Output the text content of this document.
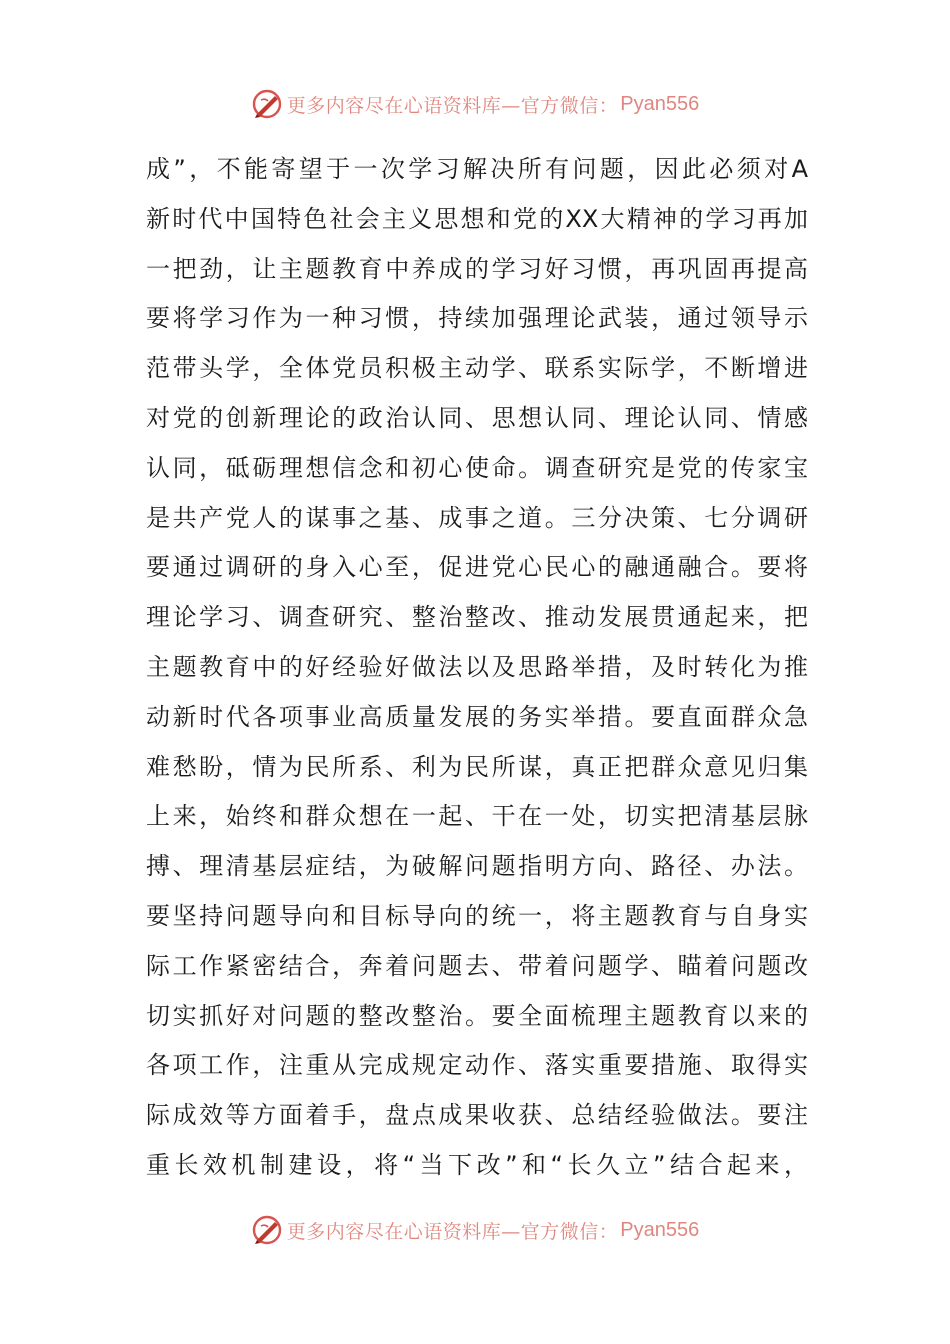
更多内容尽在心语资料库—官方微信： Pyan556
成”，不能寄望于一次学习解决所有问题，因此必须对A
新时代中国特色社会主义思想和党的XX大精神的学习再加
一把劲，让主题教育中养成的学习好习惯，再巩固再提高
要将学习作为一种习惯，持续加强理论武装，通过领导示
范带头学，全体党员积极主动学、联系实际学，不断增进
对党的创新理论的政治认同、思想认同、理论认同、情感
认同，砥砺理想信念和初心使命。调查研究是党的传家宝
是共产党人的谋事之基、成事之道。三分决策、七分调研
要通过调研的身入心至，促进党心民心的融通融合。要将
理论学习、调查研究、整治整改、推动发展贯通起来，把
主题教育中的好经验好做法以及思路举措，及时转化为推
动新时代各项事业高质量发展的务实举措。要直面群众急
难愁盼，情为民所系、利为民所谋，真正把群众意见归集
上来，始终和群众想在一起、干在一处，切实把清基层脉
搏、理清基层症结，为破解问题指明方向、路径、办法。
要坚持问题导向和目标导向的统一，将主题教育与自身实
际工作紧密结合，奔着问题去、带着问题学、瞄着问题改
切实抓好对问题的整改整治。要全面梳理主题教育以来的
各项工作，注重从完成规定动作、落实重要措施、取得实
际成效等方面着手，盘点成果收获、总结经验做法。要注
重长效机制建设，将“当下改”和“长久立”结合起来，
更多内容尽在心语资料库—官方微信： Pyan556
